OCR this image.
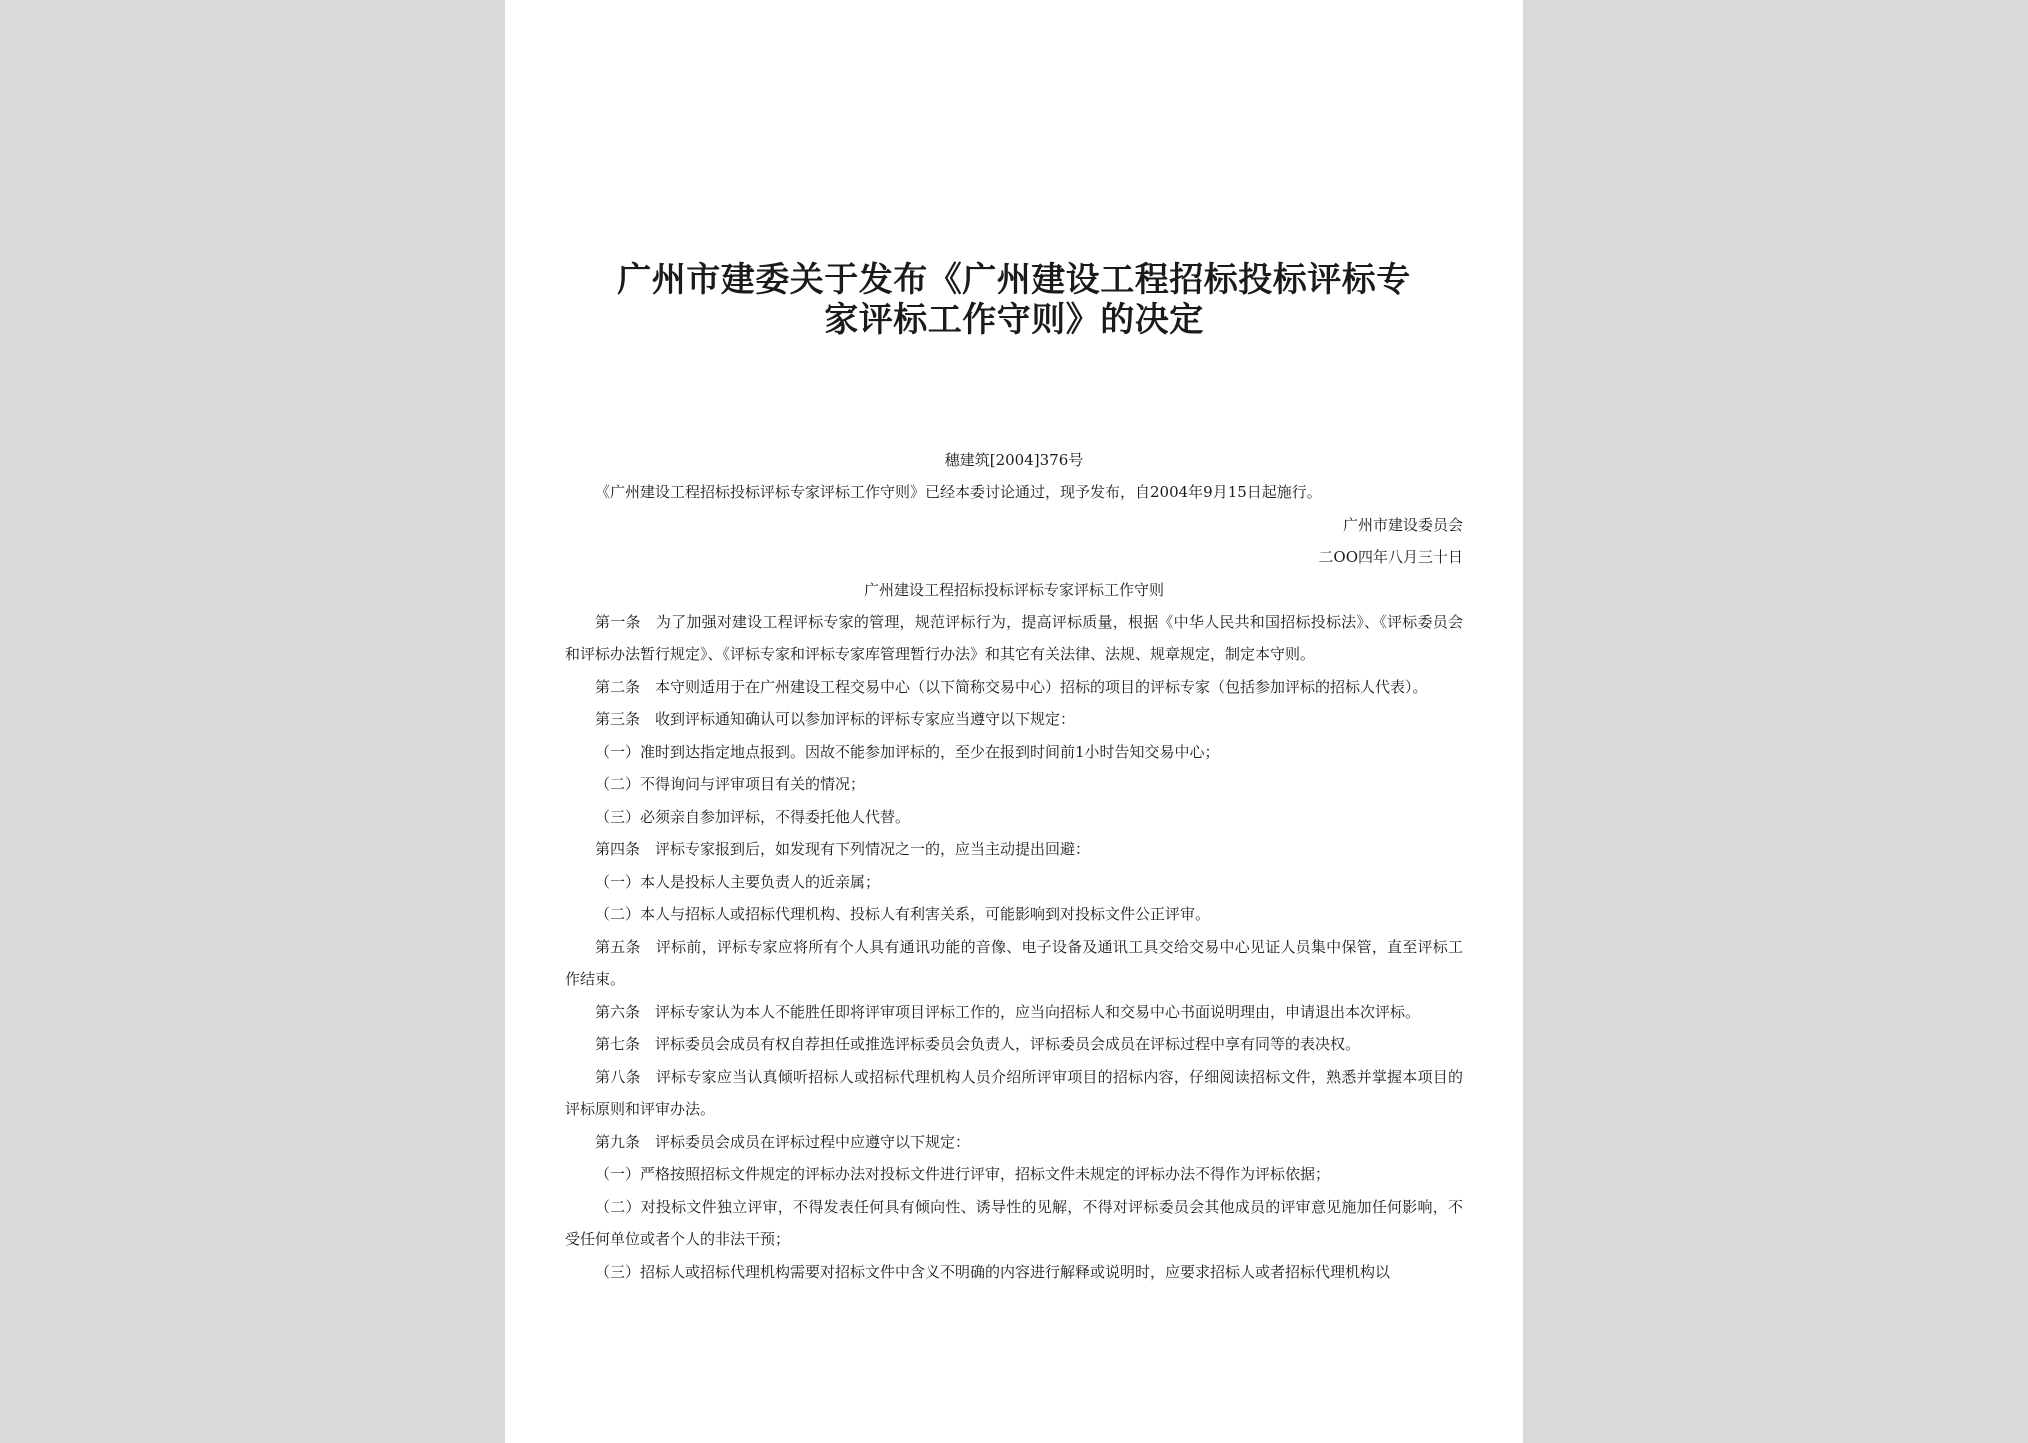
广州市建委关于发布《广州建设工程招标投标评标专
家评标工作守则》的决定

穗建筑[2004]376号

《广州建设工程招标投标评标专家评标工作守则》已经本委讨论通过，现予发布，自2004年9月15日起施行。

广州市建设委员会

二OO四年八月三十日

广州建设工程招标投标评标专家评标工作守则

第一条　为了加强对建设工程评标专家的管理，规范评标行为，提高评标质量，根据《中华人民共和国招标投标法》、《评标委员会和评标办法暂行规定》、《评标专家和评标专家库管理暂行办法》和其它有关法律、法规、规章规定，制定本守则。

第二条　本守则适用于在广州建设工程交易中心（以下简称交易中心）招标的项目的评标专家（包括参加评标的招标人代表）。

第三条　收到评标通知确认可以参加评标的评标专家应当遵守以下规定：

（一）准时到达指定地点报到。因故不能参加评标的，至少在报到时间前1小时告知交易中心；

（二）不得询问与评审项目有关的情况；

（三）必须亲自参加评标，不得委托他人代替。

第四条　评标专家报到后，如发现有下列情况之一的，应当主动提出回避：

（一）本人是投标人主要负责人的近亲属；

（二）本人与招标人或招标代理机构、投标人有利害关系，可能影响到对投标文件公正评审。

第五条　评标前，评标专家应将所有个人具有通讯功能的音像、电子设备及通讯工具交给交易中心见证人员集中保管，直至评标工作结束。

第六条　评标专家认为本人不能胜任即将评审项目评标工作的，应当向招标人和交易中心书面说明理由，申请退出本次评标。

第七条　评标委员会成员有权自荐担任或推选评标委员会负责人，评标委员会成员在评标过程中享有同等的表决权。

第八条　评标专家应当认真倾听招标人或招标代理机构人员介绍所评审项目的招标内容，仔细阅读招标文件，熟悉并掌握本项目的评标原则和评审办法。

第九条　评标委员会成员在评标过程中应遵守以下规定：

（一）严格按照招标文件规定的评标办法对投标文件进行评审，招标文件未规定的评标办法不得作为评标依据；

（二）对投标文件独立评审，不得发表任何具有倾向性、诱导性的见解，不得对评标委员会其他成员的评审意见施加任何影响，不受任何单位或者个人的非法干预；

（三）招标人或招标代理机构需要对招标文件中含义不明确的内容进行解释或说明时，应要求招标人或者招标代理机构以
